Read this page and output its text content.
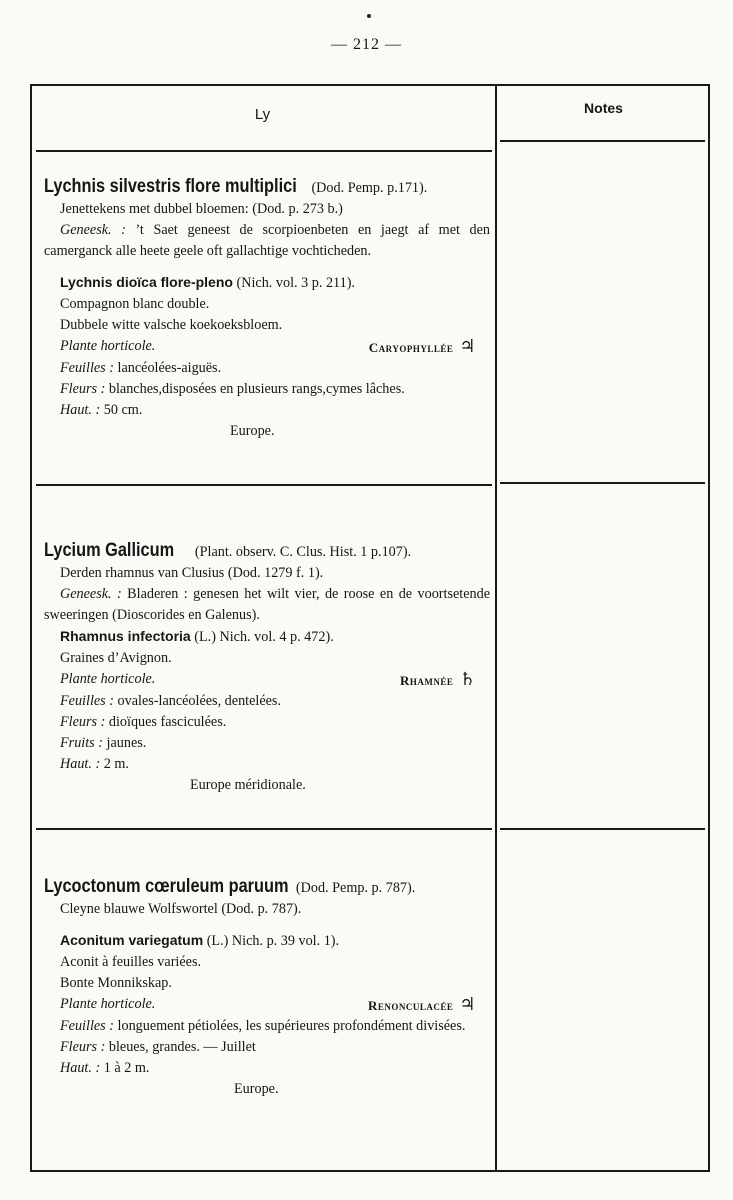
— 212 —
Ly	Notes
Lychnis silvestris flore multiplici (Dod. Pemp. p.171).
Jenettekens met dubbel bloemen: (Dod. p. 273 b.)
Geneesk. : ’t Saet geneest de scorpioenbeten en jaegt af met den camerganck alle heete geele oft gallachtige vochticheden.
Lychnis dioïca flore-pleno (Nich. vol. 3 p. 211).
Compagnon blanc double.
Dubbele witte valsche koekoeksbloem.
Plante horticole.	Caryophyllée ♃
Feuilles : lancéolées-aiguës.
Fleurs : blanches,disposées en plusieurs rangs,cymes lâches.
Haut. : 50 cm.
Europe.
Lycium Gallicum (Plant. observ. C. Clus. Hist. 1 p.107).
Derden rhamnus van Clusius (Dod. 1279 f. 1).
Geneesk. : Bladeren : genesen het wilt vier, de roose en de voortsetende sweeringen (Dioscorides en Galenus).
Rhamnus infectoria (L.) Nich. vol. 4 p. 472).
Graines d’Avignon.
Plante horticole.	Rhamnée ♄
Feuilles : ovales-lancéolées, dentelées.
Fleurs : dioïques fasciculées.
Fruits : jaunes.
Haut. : 2 m.
Europe méridionale.
Lycoctonum cœruleum paruum (Dod. Pemp. p. 787).
Cleyne blauwe Wolfswortel (Dod. p. 787).
Aconitum variegatum (L.) Nich. p. 39 vol. 1).
Aconit à feuilles variées.
Bonte Monnikskap.
Plante horticole.	Renonculacée ♃
Feuilles : longuement pétiolées, les supérieures profondément divisées.
Fleurs : bleues, grandes. — Juillet
Haut. : 1 à 2 m.
Europe.
